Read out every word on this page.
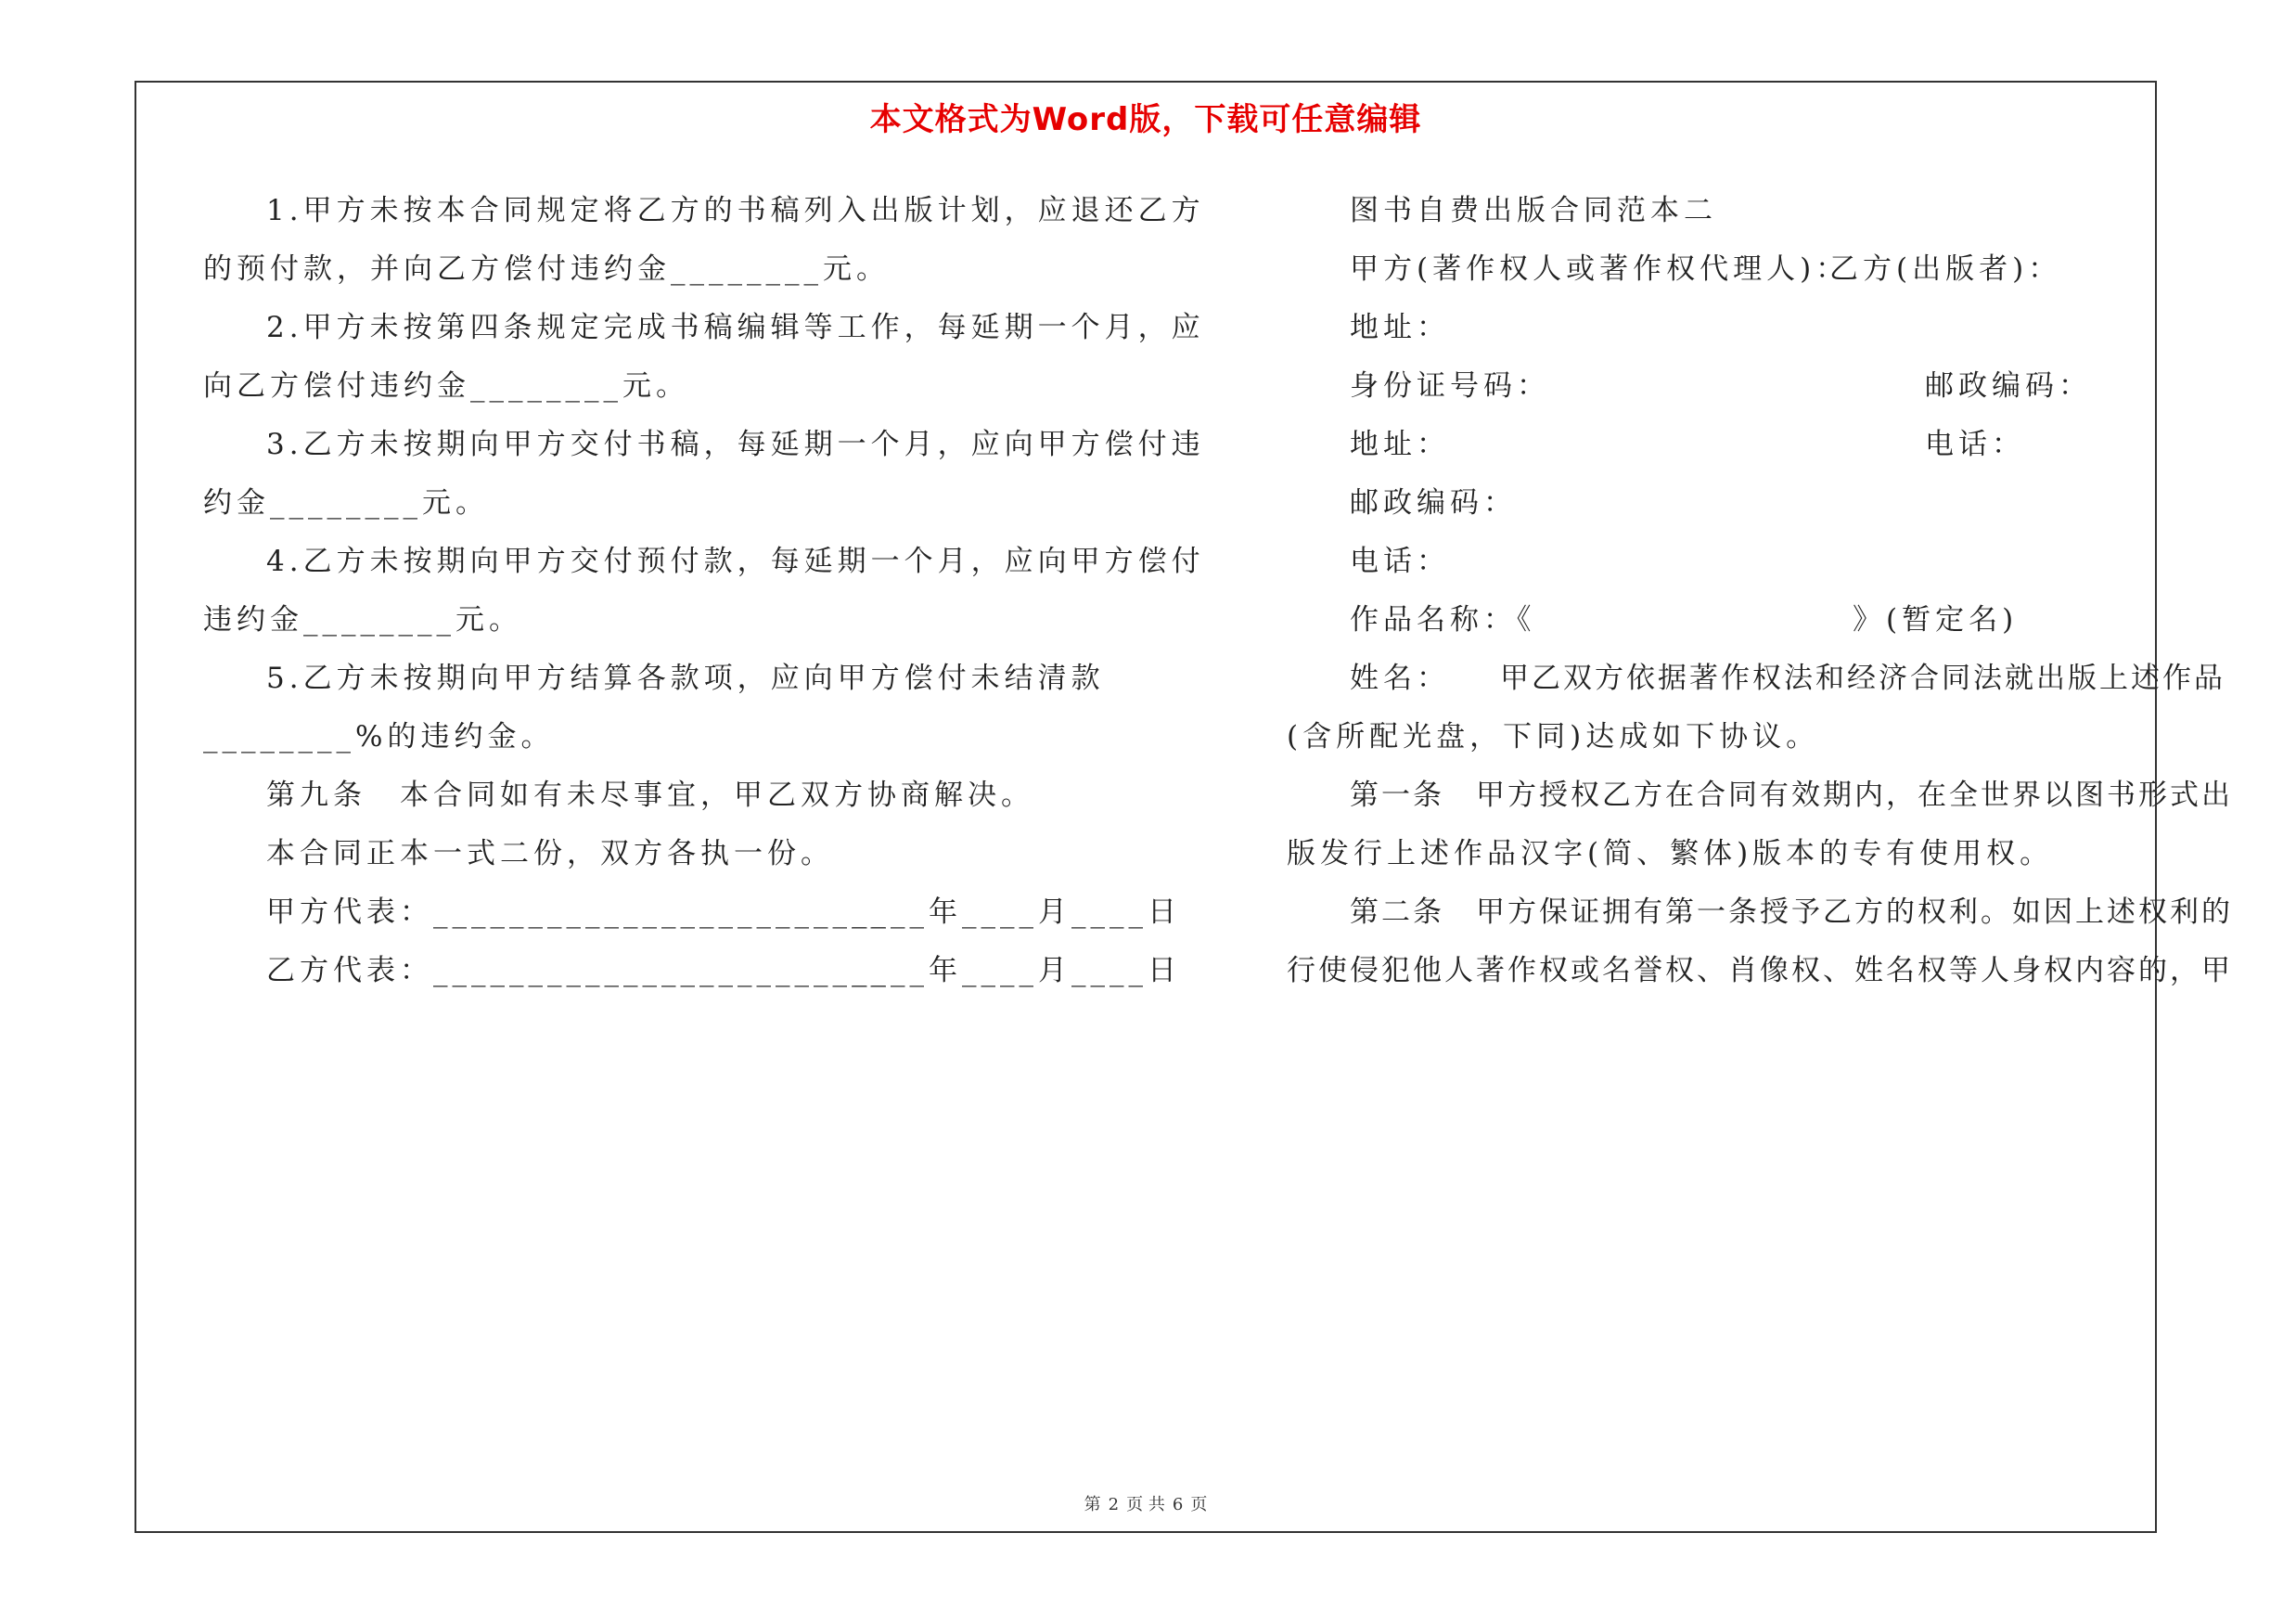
本文格式为Word版，下载可任意编辑
1.甲方未按本合同规定将乙方的书稿列入出版计划，应退还乙方
的预付款，并向乙方偿付违约金________元。
2.甲方未按第四条规定完成书稿编辑等工作，每延期一个月，应
向乙方偿付违约金________元。
3.乙方未按期向甲方交付书稿，每延期一个月，应向甲方偿付违
约金________元。
4.乙方未按期向甲方交付预付款，每延期一个月，应向甲方偿付
违约金________元。
5.乙方未按期向甲方结算各款项，应向甲方偿付未结清款
________%的违约金。
第九条　本合同如有未尽事宜，甲乙双方协商解决。
本合同正本一式二份，双方各执一份。
甲方代表：________________________
____年____月____日
乙方代表：________________________
____年____月____日
图书自费出版合同范本二
甲方(著作权人或著作权代理人)：
乙方(出版者)：
地址：
身份证号码：	邮政编码：
地址：	电话：
邮政编码：
电话：
作品名称：《	》(暂定名)
姓名： 甲乙双方依据著作权法和经济合同法就出版上述作品
(含所配光盘，下同)达成如下协议。
第一条　甲方授权乙方在合同有效期内，在全世界以图书形式出
版发行上述作品汉字(简、繁体)版本的专有使用权。
第二条　甲方保证拥有第一条授予乙方的权利。如因上述权利的
行使侵犯他人著作权或名誉权、肖像权、姓名权等人身权内容的，甲
第 2 页 共 6 页
